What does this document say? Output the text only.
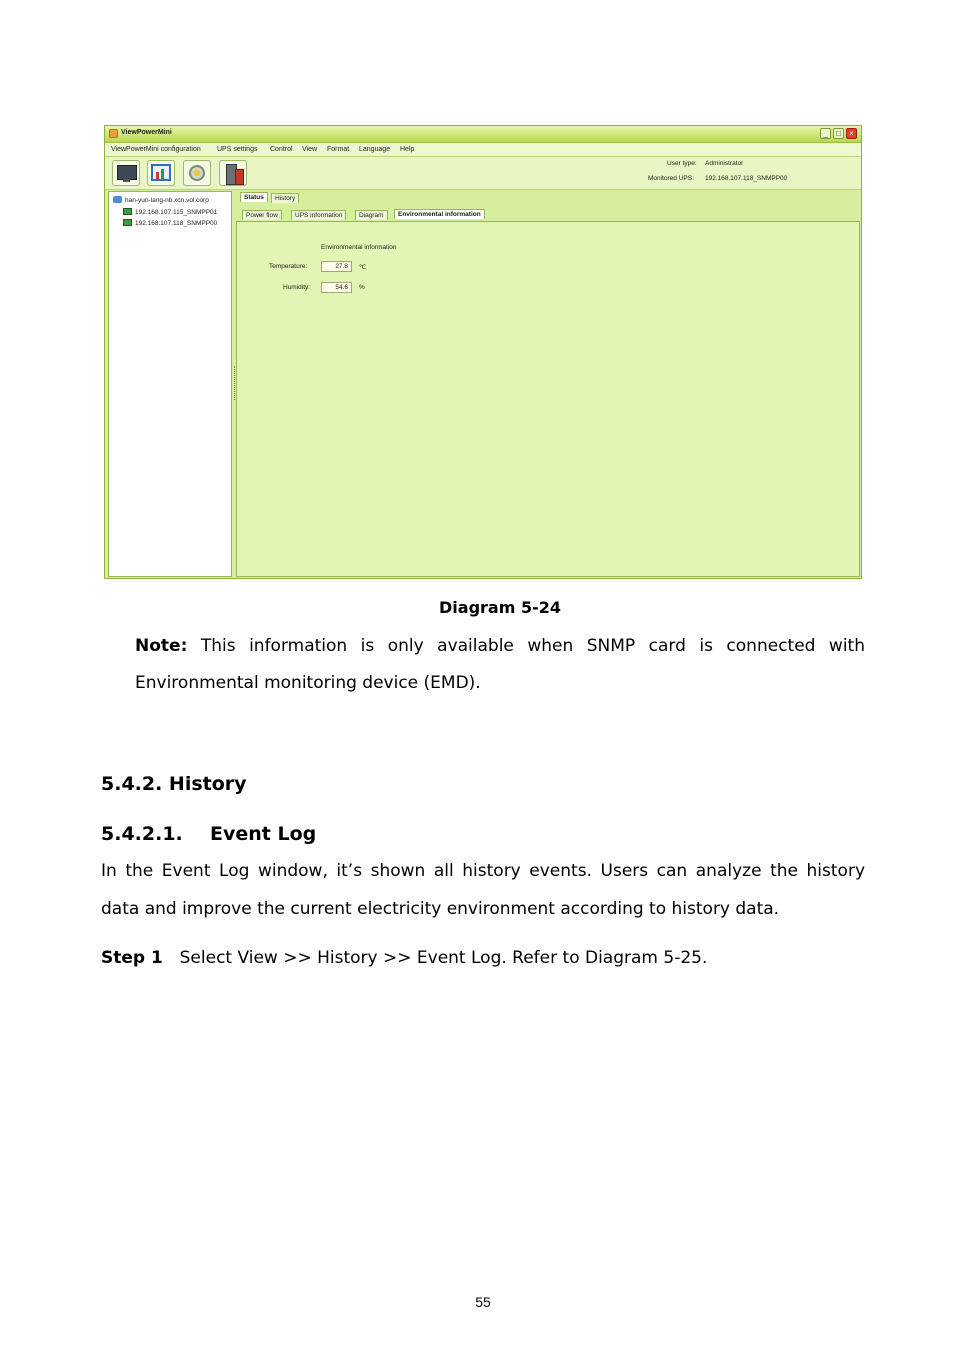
ViewPowerMini	_	□	×
ViewPowerMini configuration UPS settings Control View Format Language Help
User type: Administrator
Monitored UPS: 192.168.107.118_SNMPP00
han-yun-lang-nb.xcn.vol.corp
192.168.107.115_SNMPP01
192.168.107.118_SNMPP00
Status	History
Power flow	UPS information	Diagram	Environmental information
Environmental information
Temperature:	27.8	℃
Humidity:	54.6	%
Diagram 5-24
Note: This information is only available when SNMP card is connected with
Environmental monitoring device (EMD).
5.4.2. History
5.4.2.1. Event Log
In the Event Log window, it’s shown all history events. Users can analyze the history
data and improve the current electricity environment according to history data.
Step 1 Select View >> History >> Event Log. Refer to Diagram 5-25.
55
